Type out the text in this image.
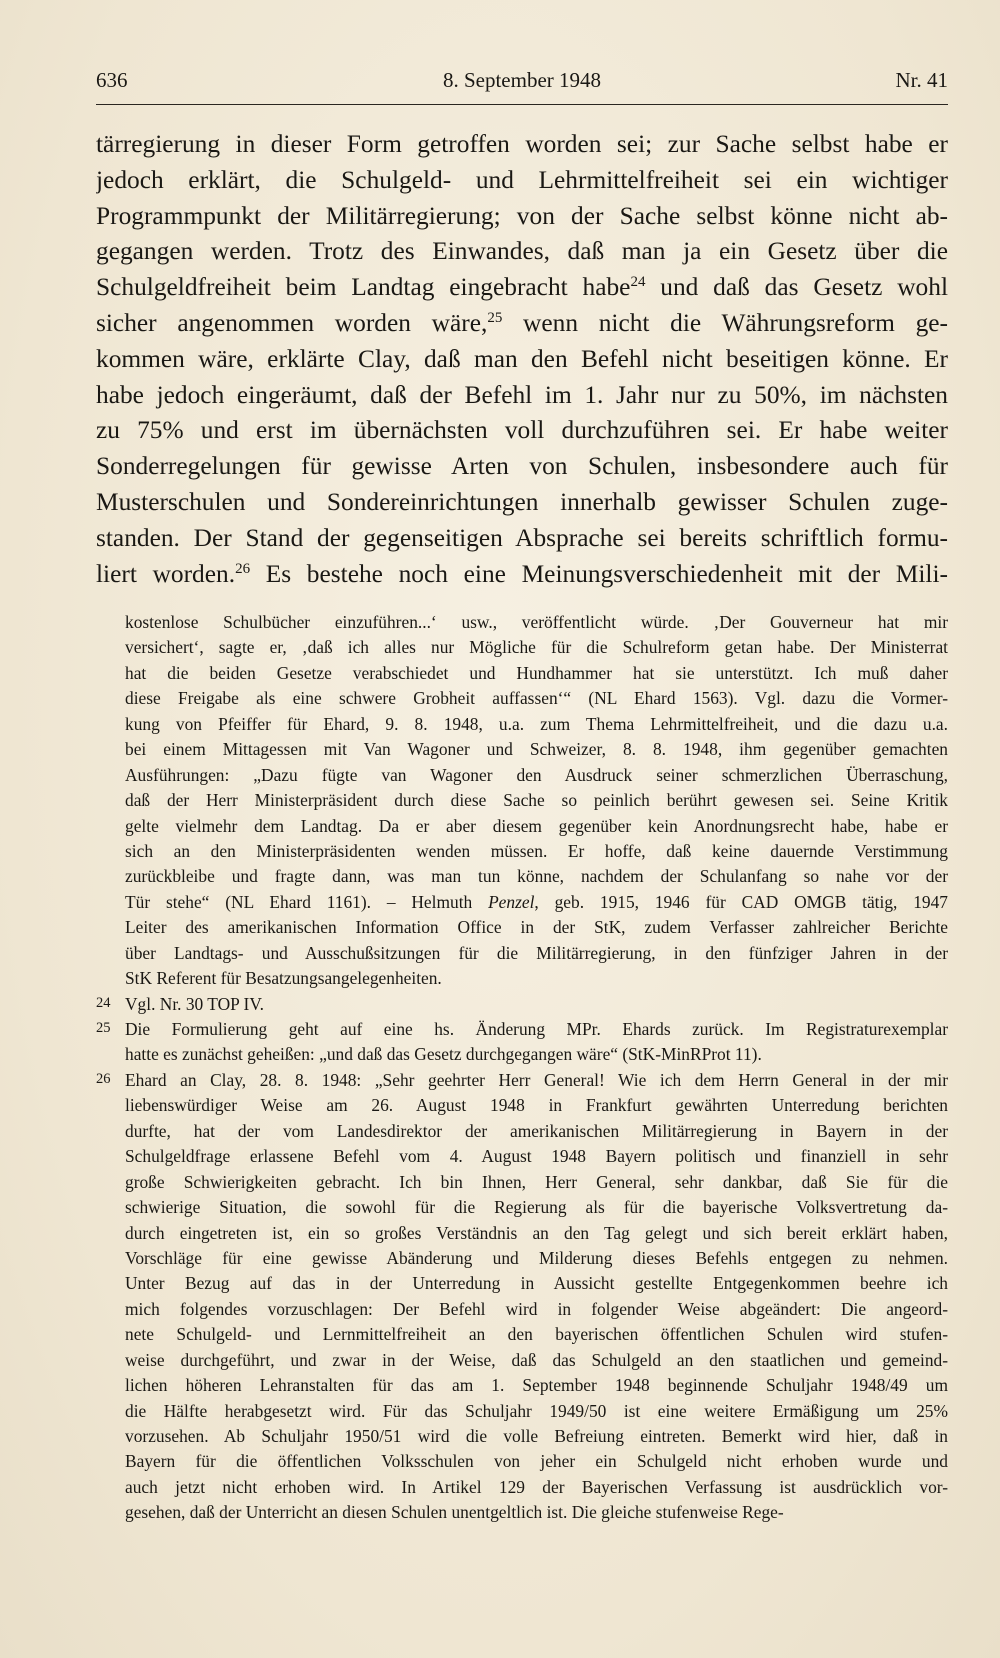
8. September 1948
636	Nr. 41
tärregierung in dieser Form getroffen worden sei; zur Sache selbst habe er
jedoch erklärt, die Schulgeld- und Lehrmittelfreiheit sei ein wichtiger
Programmpunkt der Militärregierung; von der Sache selbst könne nicht ab-
gegangen werden. Trotz des Einwandes, daß man ja ein Gesetz über die
Schulgeldfreiheit beim Landtag eingebracht habe$^{24}$ und daß das Gesetz wohl
sicher angenommen worden wäre,$^{25}$ wenn nicht die Währungsreform ge-
kommen wäre, erklärte Clay, daß man den Befehl nicht beseitigen könne. Er
habe jedoch eingeräumt, daß der Befehl im 1. Jahr nur zu 50%, im nächsten
zu 75% und erst im übernächsten voll durchzuführen sei. Er habe weiter
Sonderregelungen für gewisse Arten von Schulen, insbesondere auch für
Musterschulen und Sondereinrichtungen innerhalb gewisser Schulen zuge-
standen. Der Stand der gegenseitigen Absprache sei bereits schriftlich formu-
liert worden.$^{26}$ Es bestehe noch eine Meinungsverschiedenheit mit der Mili-
kostenlose Schulbücher einzuführen...‘ usw., veröffentlicht würde. ‚Der Gouverneur hat mir
versichert‘, sagte er, ‚daß ich alles nur Mögliche für die Schulreform getan habe. Der Ministerrat
hat die beiden Gesetze verabschiedet und Hundhammer hat sie unterstützt. Ich muß daher
diese Freigabe als eine schwere Grobheit auffassen‘“ (NL Ehard 1563). Vgl. dazu die Vormer-
kung von Pfeiffer für Ehard, 9. 8. 1948, u.a. zum Thema Lehrmittelfreiheit, und die dazu u.a.
bei einem Mittagessen mit Van Wagoner und Schweizer, 8. 8. 1948, ihm gegenüber gemachten
Ausführungen: „Dazu fügte van Wagoner den Ausdruck seiner schmerzlichen Überraschung,
daß der Herr Ministerpräsident durch diese Sache so peinlich berührt gewesen sei. Seine Kritik
gelte vielmehr dem Landtag. Da er aber diesem gegenüber kein Anordnungsrecht habe, habe er
sich an den Ministerpräsidenten wenden müssen. Er hoffe, daß keine dauernde Verstimmung
zurückbleibe und fragte dann, was man tun könne, nachdem der Schulanfang so nahe vor der
Tür stehe“ (NL Ehard 1161). – Helmuth Penzel, geb. 1915, 1946 für CAD OMGB tätig, 1947
Leiter des amerikanischen Information Office in der StK, zudem Verfasser zahlreicher Berichte
über Landtags- und Ausschußsitzungen für die Militärregierung, in den fünfziger Jahren in der
StK Referent für Besatzungsangelegenheiten.
24 Vgl. Nr. 30 TOP IV.
25 Die Formulierung geht auf eine hs. Änderung MPr. Ehards zurück. Im Registraturexemplar
hatte es zunächst geheißen: „und daß das Gesetz durchgegangen wäre“ (StK-MinRProt 11).
26 Ehard an Clay, 28. 8. 1948: „Sehr geehrter Herr General! Wie ich dem Herrn General in der mir
liebenswürdiger Weise am 26. August 1948 in Frankfurt gewährten Unterredung berichten
durfte, hat der vom Landesdirektor der amerikanischen Militärregierung in Bayern in der
Schulgeldfrage erlassene Befehl vom 4. August 1948 Bayern politisch und finanziell in sehr
große Schwierigkeiten gebracht. Ich bin Ihnen, Herr General, sehr dankbar, daß Sie für die
schwierige Situation, die sowohl für die Regierung als für die bayerische Volksvertretung da-
durch eingetreten ist, ein so großes Verständnis an den Tag gelegt und sich bereit erklärt haben,
Vorschläge für eine gewisse Abänderung und Milderung dieses Befehls entgegen zu nehmen.
Unter Bezug auf das in der Unterredung in Aussicht gestellte Entgegenkommen beehre ich
mich folgendes vorzuschlagen: Der Befehl wird in folgender Weise abgeändert: Die angeord-
nete Schulgeld- und Lernmittelfreiheit an den bayerischen öffentlichen Schulen wird stufen-
weise durchgeführt, und zwar in der Weise, daß das Schulgeld an den staatlichen und gemeind-
lichen höheren Lehranstalten für das am 1. September 1948 beginnende Schuljahr 1948/49 um
die Hälfte herabgesetzt wird. Für das Schuljahr 1949/50 ist eine weitere Ermäßigung um 25%
vorzusehen. Ab Schuljahr 1950/51 wird die volle Befreiung eintreten. Bemerkt wird hier, daß in
Bayern für die öffentlichen Volksschulen von jeher ein Schulgeld nicht erhoben wurde und
auch jetzt nicht erhoben wird. In Artikel 129 der Bayerischen Verfassung ist ausdrücklich vor-
gesehen, daß der Unterricht an diesen Schulen unentgeltlich ist. Die gleiche stufenweise Rege-
